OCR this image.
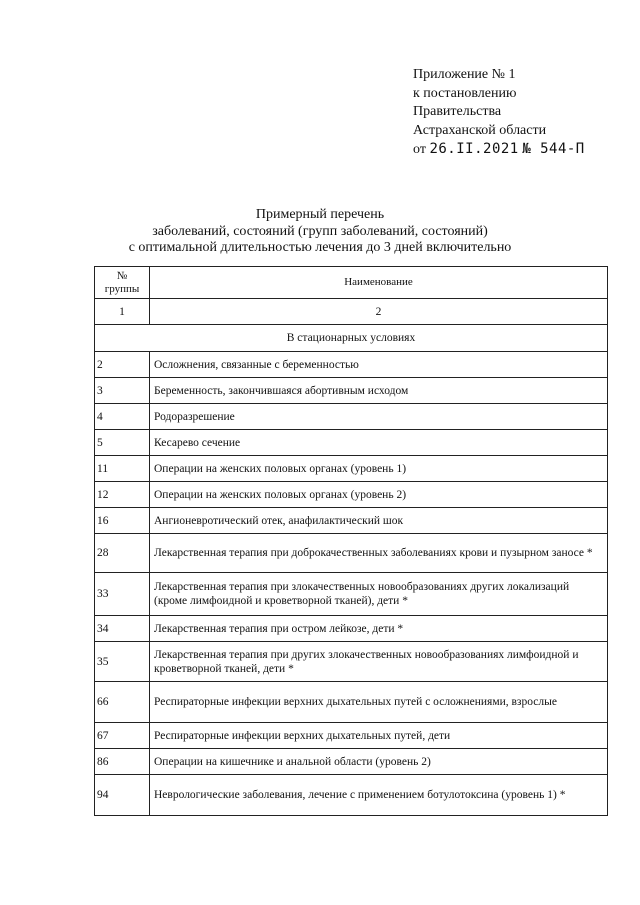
Приложение № 1
к постановлению
Правительства
Астраханской области
от 26.II.2021 № 544-П
Примерный перечень
заболеваний, состояний (групп заболеваний, состояний)
с оптимальной длительностью лечения до 3 дней включительно
№ группы	Наименование
1	2
В стационарных условиях	
2	Осложнения, связанные с беременностью
3	Беременность, закончившаяся абортивным исходом
4	Родоразрешение
5	Кесарево сечение
11	Операции на женских половых органах (уровень 1)
12	Операции на женских половых органах (уровень 2)
16	Ангионевротический отек, анафилактический шок
28	Лекарственная терапия при доброкачественных заболеваниях крови и пузырном заносе *
33	Лекарственная терапия при злокачественных новообразованиях других локализаций (кроме лимфоидной и кроветворной тканей), дети *
34	Лекарственная терапия при остром лейкозе, дети *
35	Лекарственная терапия при других злокачественных новообразованиях лимфоидной и кроветворной тканей, дети *
66	Респираторные инфекции верхних дыхательных путей с осложнениями, взрослые
67	Респираторные инфекции верхних дыхательных путей, дети
86	Операции на кишечнике и анальной области (уровень 2)
94	Неврологические заболевания, лечение с применением ботулотоксина (уровень 1) *
